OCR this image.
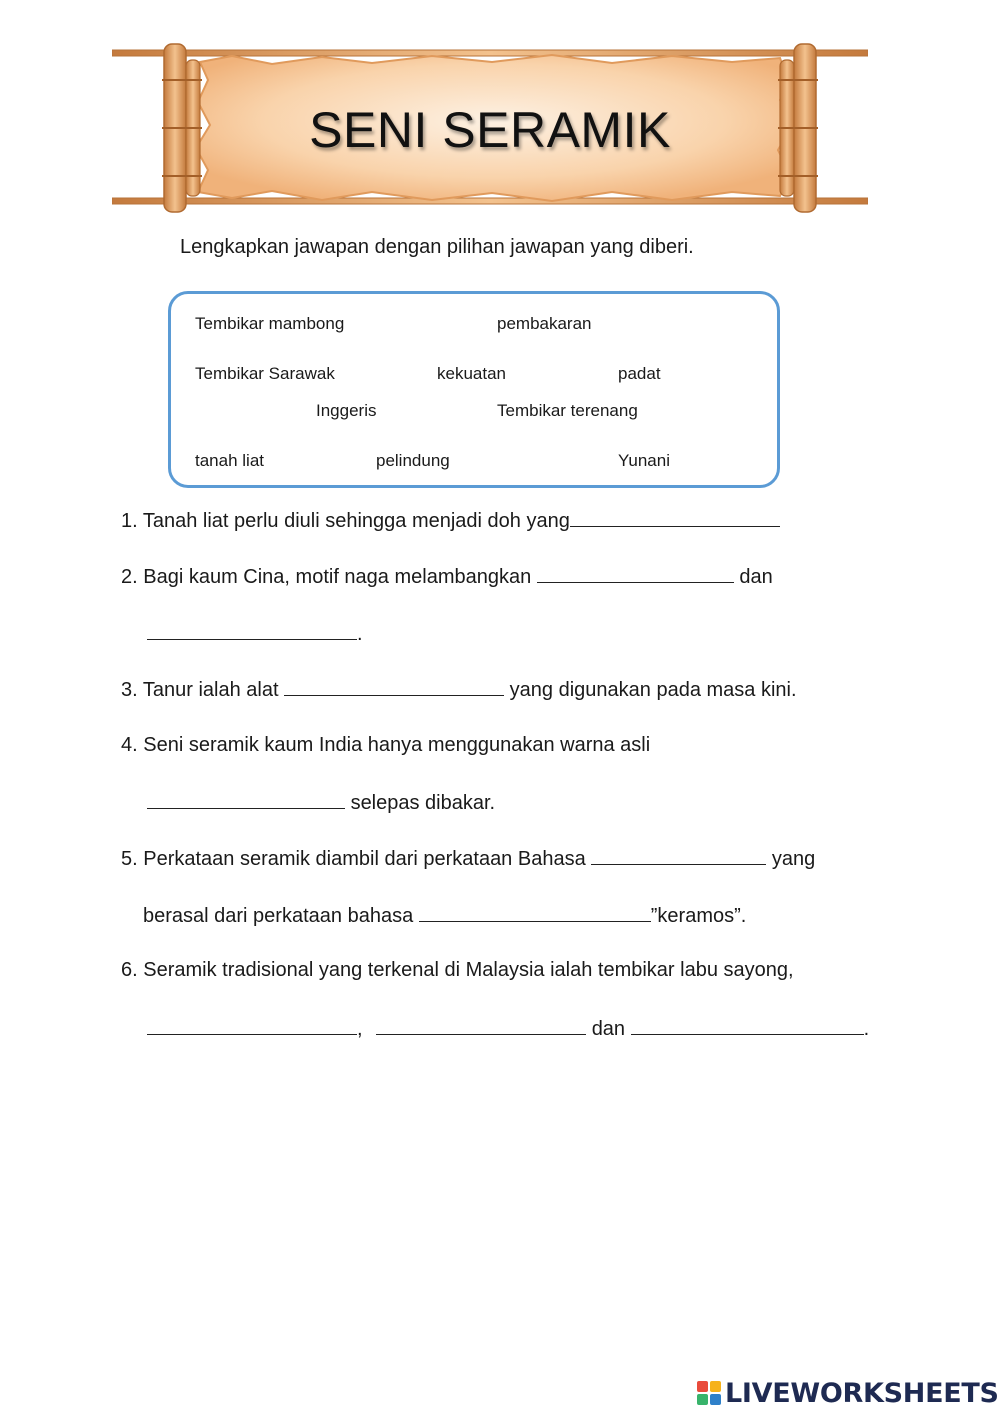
SENI SERAMIK
Lengkapkan jawapan dengan pilihan jawapan yang diberi.
Tembikar mambong	pembakaran
Tembikar Sarawak	kekuatan	padat
Inggeris	Tembikar terenang
tanah liat	pelindung	Yunani
1. Tanah liat perlu diuli sehingga menjadi doh yang
2. Bagi kaum Cina, motif naga melambangkan	dan
.
3. Tanur ialah alat	yang digunakan pada masa kini.
4. Seni seramik kaum India hanya menggunakan warna asli
selepas dibakar.
5. Perkataan seramik diambil dari perkataan Bahasa	yang
berasal dari perkataan bahasa	”keramos”.
6. Seramik tradisional yang terkenal di Malaysia ialah tembikar labu sayong,
,	dan	.
LIVEWORKSHEETS
